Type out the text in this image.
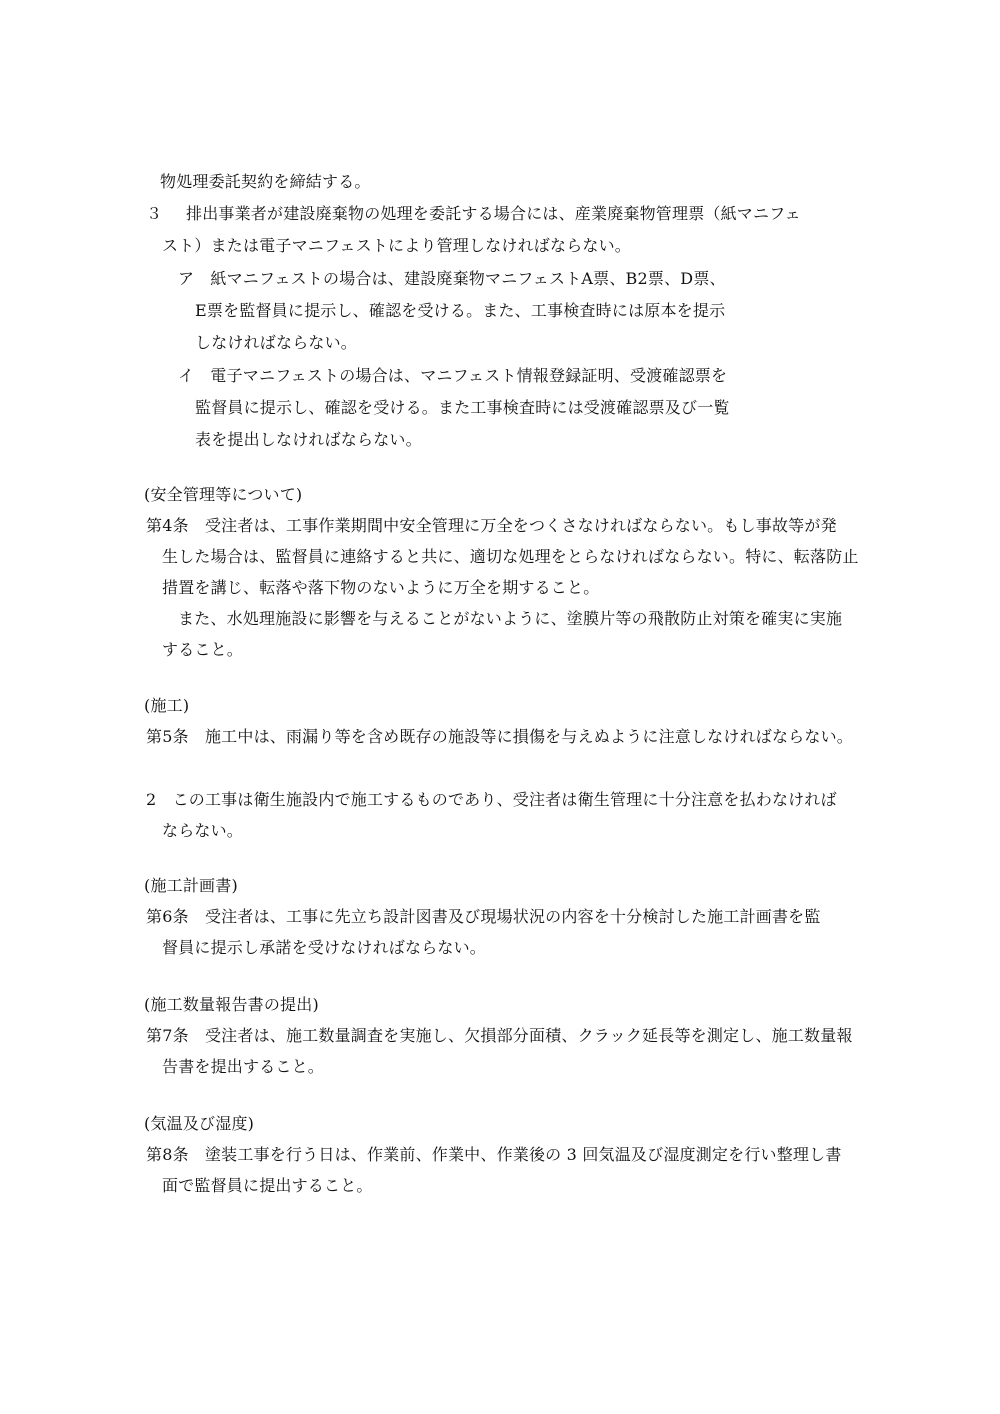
物処理委託契約を締結する。
３ 排出事業者が建設廃棄物の処理を委託する場合には、産業廃棄物管理票（紙マニフェ
スト）または電子マニフェストにより管理しなければならない。
ア　紙マニフェストの場合は、建設廃棄物マニフェストA票、B2票、D票、
E票を監督員に提示し、確認を受ける。また、工事検査時には原本を提示
しなければならない。
イ　電子マニフェストの場合は、マニフェスト情報登録証明、受渡確認票を
監督員に提示し、確認を受ける。また工事検査時には受渡確認票及び一覧
表を提出しなければならない。
(安全管理等について)
第4条　受注者は、工事作業期間中安全管理に万全をつくさなければならない。もし事故等が発
生した場合は、監督員に連絡すると共に、適切な処理をとらなければならない。特に、転落防止
措置を講じ、転落や落下物のないように万全を期すること。
また、水処理施設に影響を与えることがないように、塗膜片等の飛散防止対策を確実に実施
すること。
(施工)
第5条　施工中は、雨漏り等を含め既存の施設等に損傷を与えぬように注意しなければならない。
2　この工事は衛生施設内で施工するものであり、受注者は衛生管理に十分注意を払わなければ
ならない。
(施工計画書)
第6条　受注者は、工事に先立ち設計図書及び現場状況の内容を十分検討した施工計画書を監
督員に提示し承諾を受けなければならない。
(施工数量報告書の提出)
第7条　受注者は、施工数量調査を実施し、欠損部分面積、クラック延長等を測定し、施工数量報
告書を提出すること。
(気温及び湿度)
第8条　塗装工事を行う日は、作業前、作業中、作業後の 3 回気温及び湿度測定を行い整理し書
面で監督員に提出すること。
